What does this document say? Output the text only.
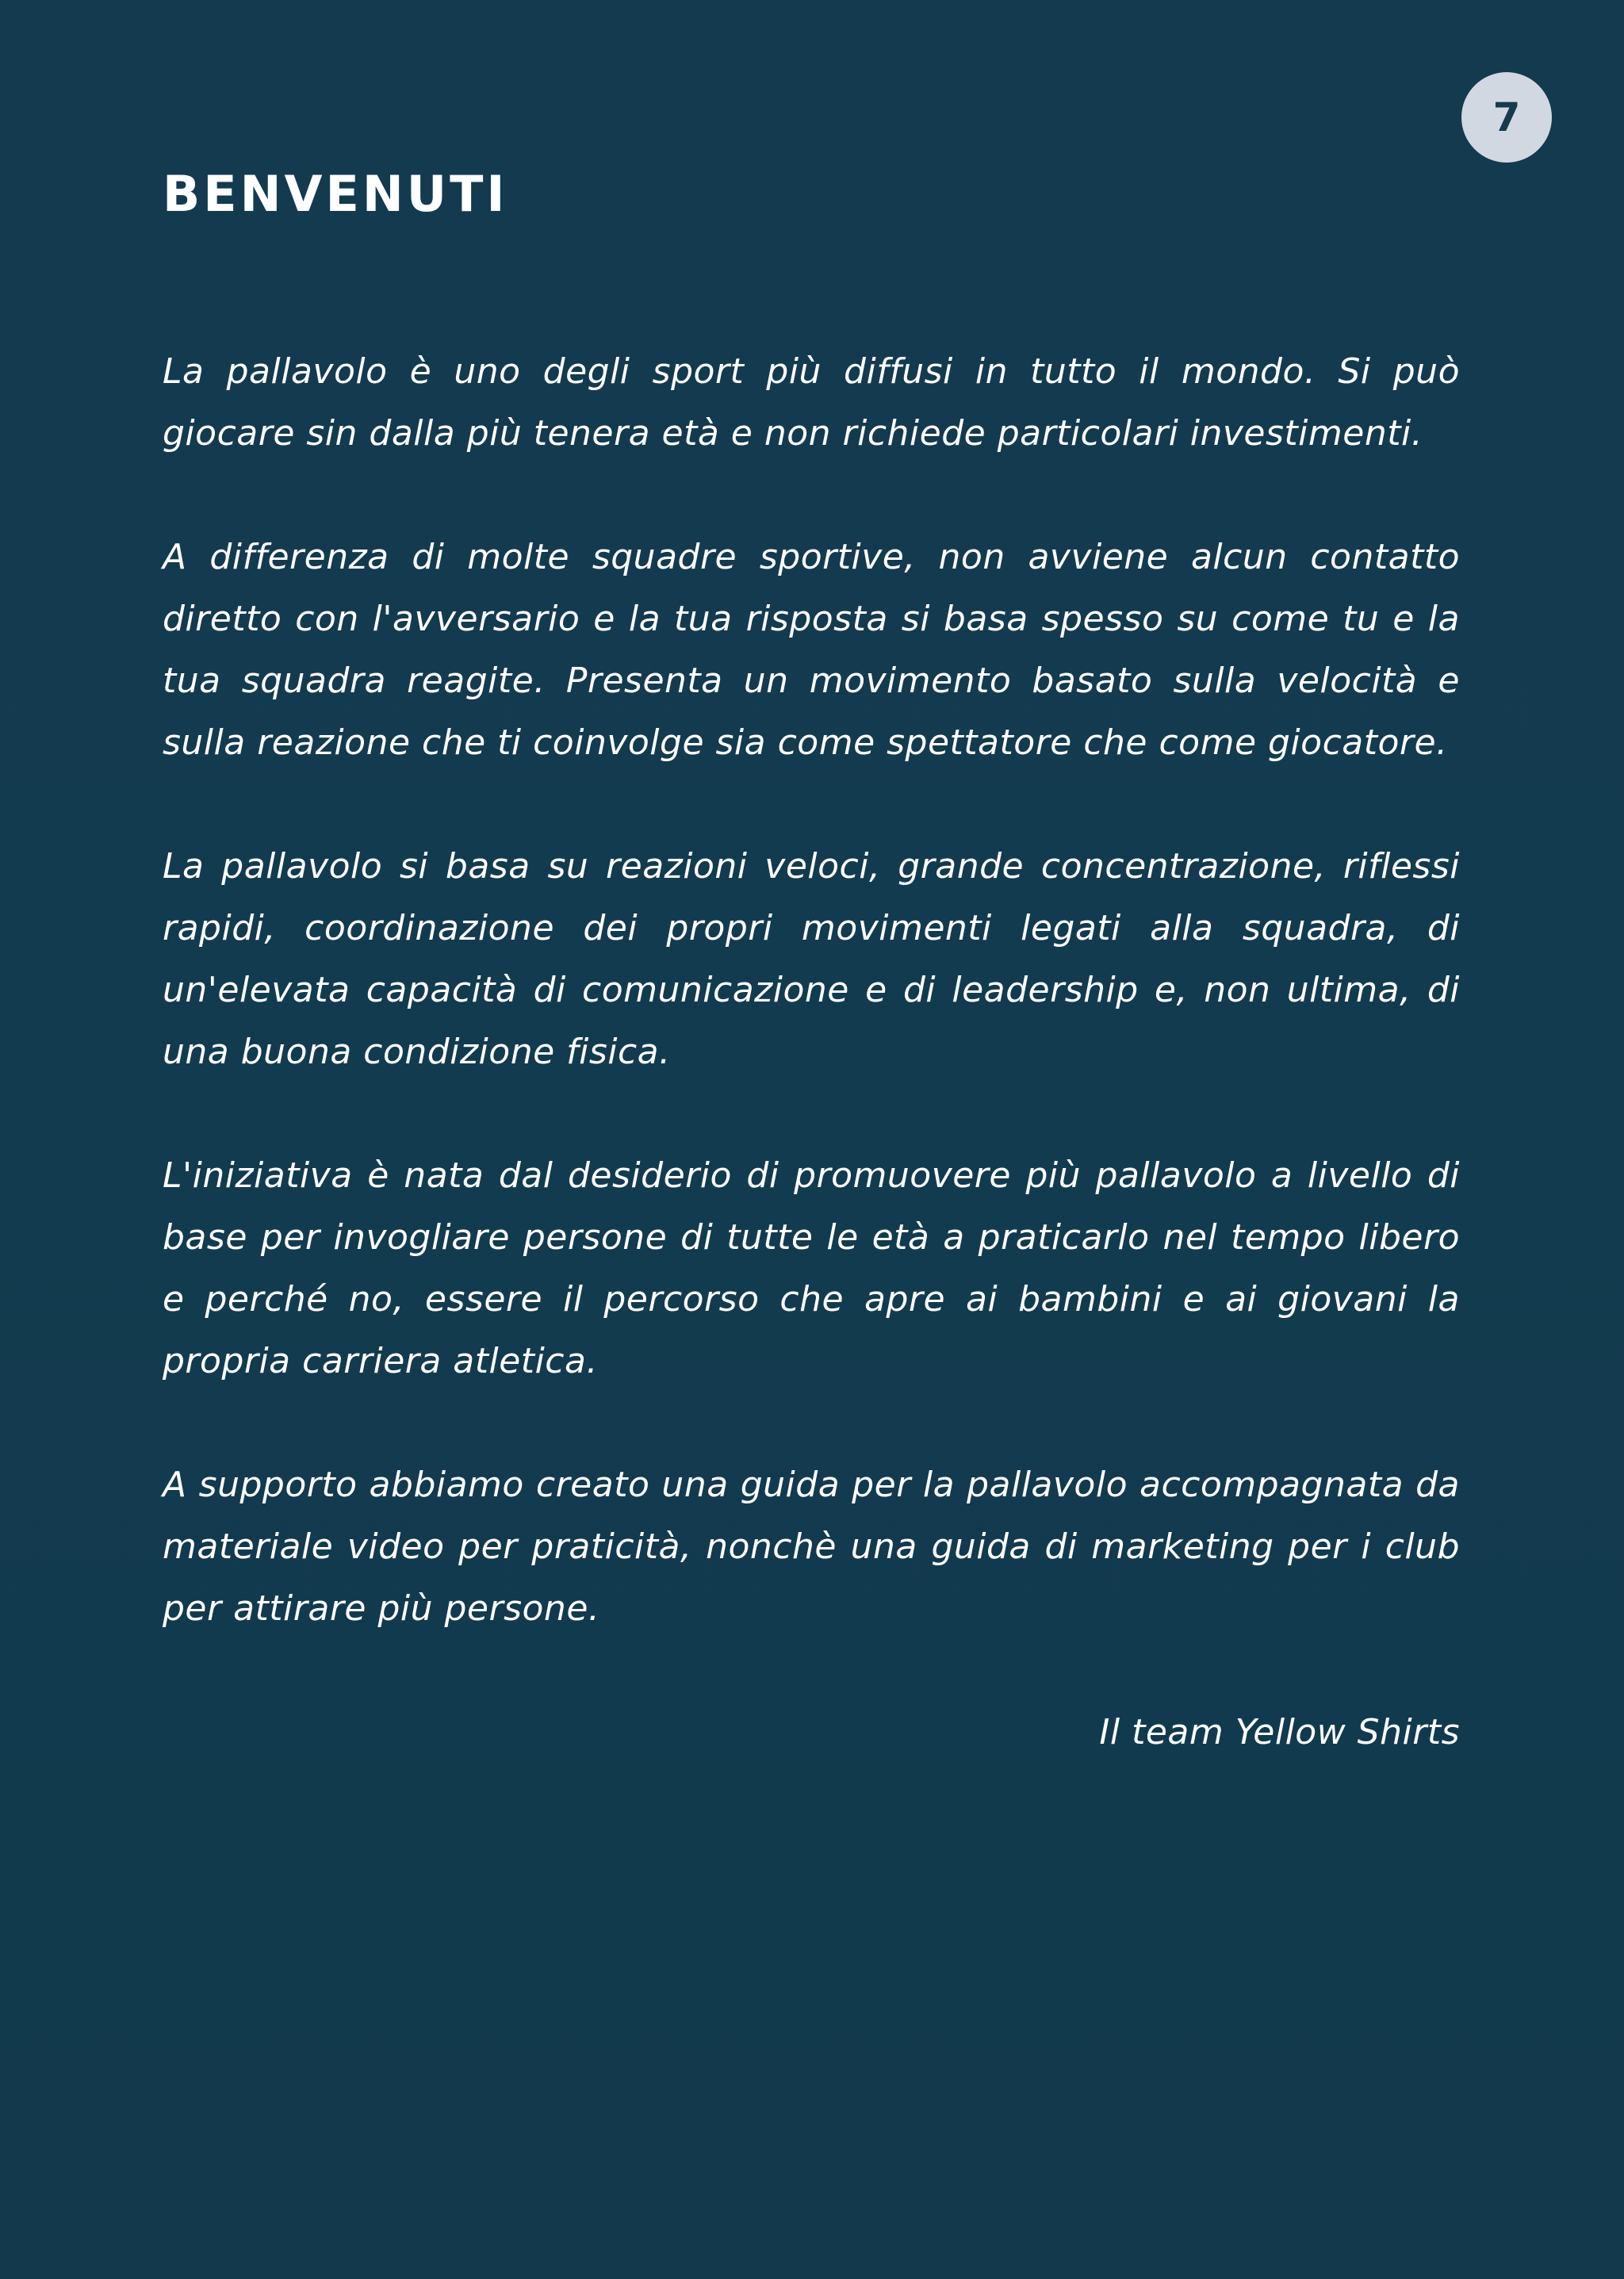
7
BENVENUTI

La pallavolo è uno degli sport più diffusi in tutto il mondo. Si può giocare sin dalla più tenera età e non richiede particolari investimenti.

A differenza di molte squadre sportive, non avviene alcun contatto diretto con l'avversario e la tua risposta si basa spesso su come tu e la tua squadra reagite. Presenta un movimento basato sulla velocità e sulla reazione che ti coinvolge sia come spettatore che come giocatore.

La pallavolo si basa su reazioni veloci, grande concentrazione, riflessi rapidi, coordinazione dei propri movimenti legati alla squadra, di un'elevata capacità di comunicazione e di leadership e, non ultima, di una buona condizione fisica.

L'iniziativa è nata dal desiderio di promuovere più pallavolo a livello di base per invogliare persone di tutte le età a praticarlo nel tempo libero e perché no, essere il percorso che apre ai bambini e ai giovani la propria carriera atletica.

A supporto abbiamo creato una guida per la pallavolo accompagnata da materiale video per praticità, nonchè una guida di marketing per i club per attirare più persone.

Il team Yellow Shirts
